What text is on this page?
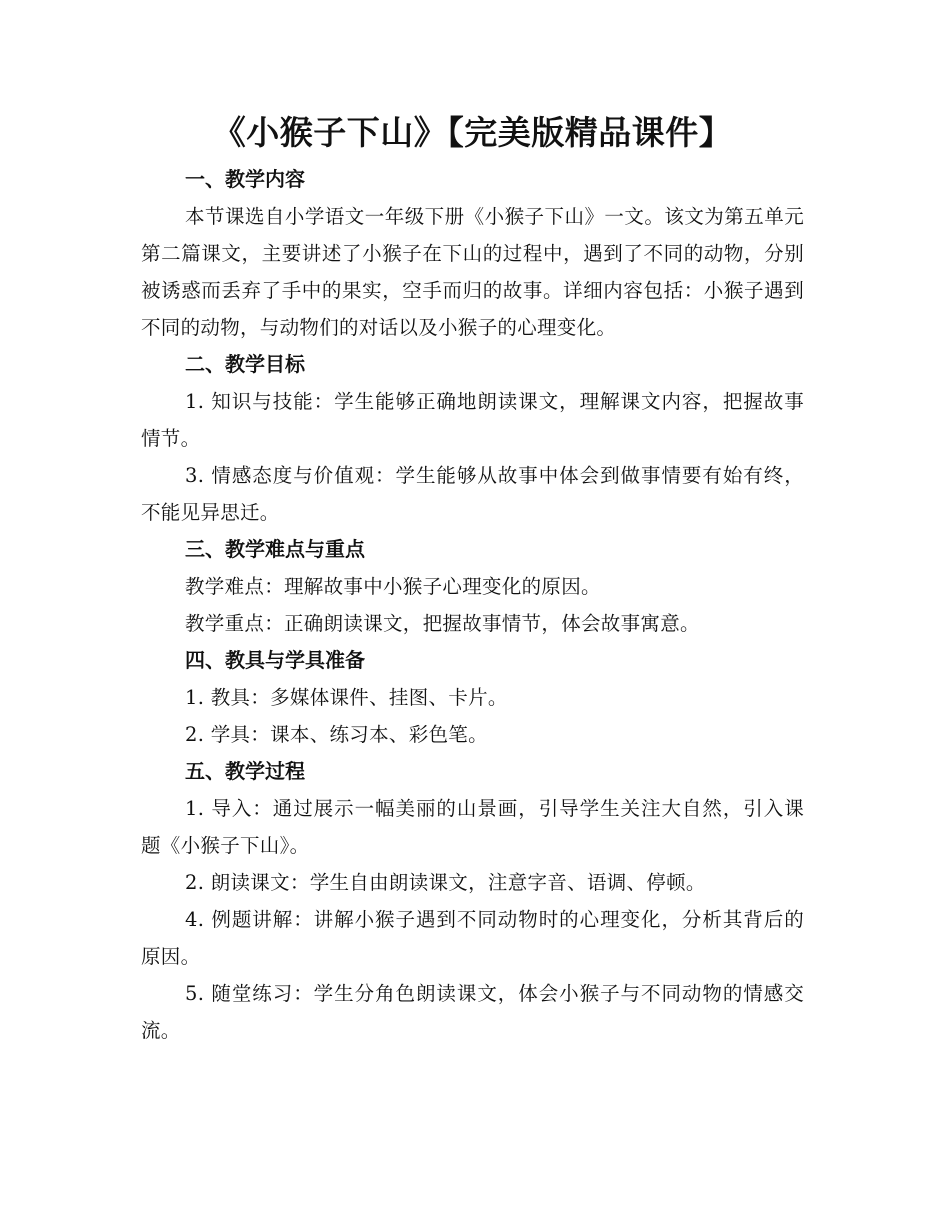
《小猴子下山》【完美版精品课件】
一、教学内容

本节课选自小学语文一年级下册《小猴子下山》一文。该文为第五单元第二篇课文，主要讲述了小猴子在下山的过程中，遇到了不同的动物，分别被诱惑而丢弃了手中的果实，空手而归的故事。详细内容包括：小猴子遇到不同的动物，与动物们的对话以及小猴子的心理变化。

二、教学目标

1. 知识与技能：学生能够正确地朗读课文，理解课文内容，把握故事情节。

3. 情感态度与价值观：学生能够从故事中体会到做事情要有始有终，不能见异思迁。

三、教学难点与重点

教学难点：理解故事中小猴子心理变化的原因。

教学重点：正确朗读课文，把握故事情节，体会故事寓意。

四、教具与学具准备

1. 教具：多媒体课件、挂图、卡片。

2. 学具：课本、练习本、彩色笔。

五、教学过程

1. 导入：通过展示一幅美丽的山景画，引导学生关注大自然，引入课题《小猴子下山》。

2. 朗读课文：学生自由朗读课文，注意字音、语调、停顿。

4. 例题讲解：讲解小猴子遇到不同动物时的心理变化，分析其背后的原因。

5. 随堂练习：学生分角色朗读课文，体会小猴子与不同动物的情感交流。
